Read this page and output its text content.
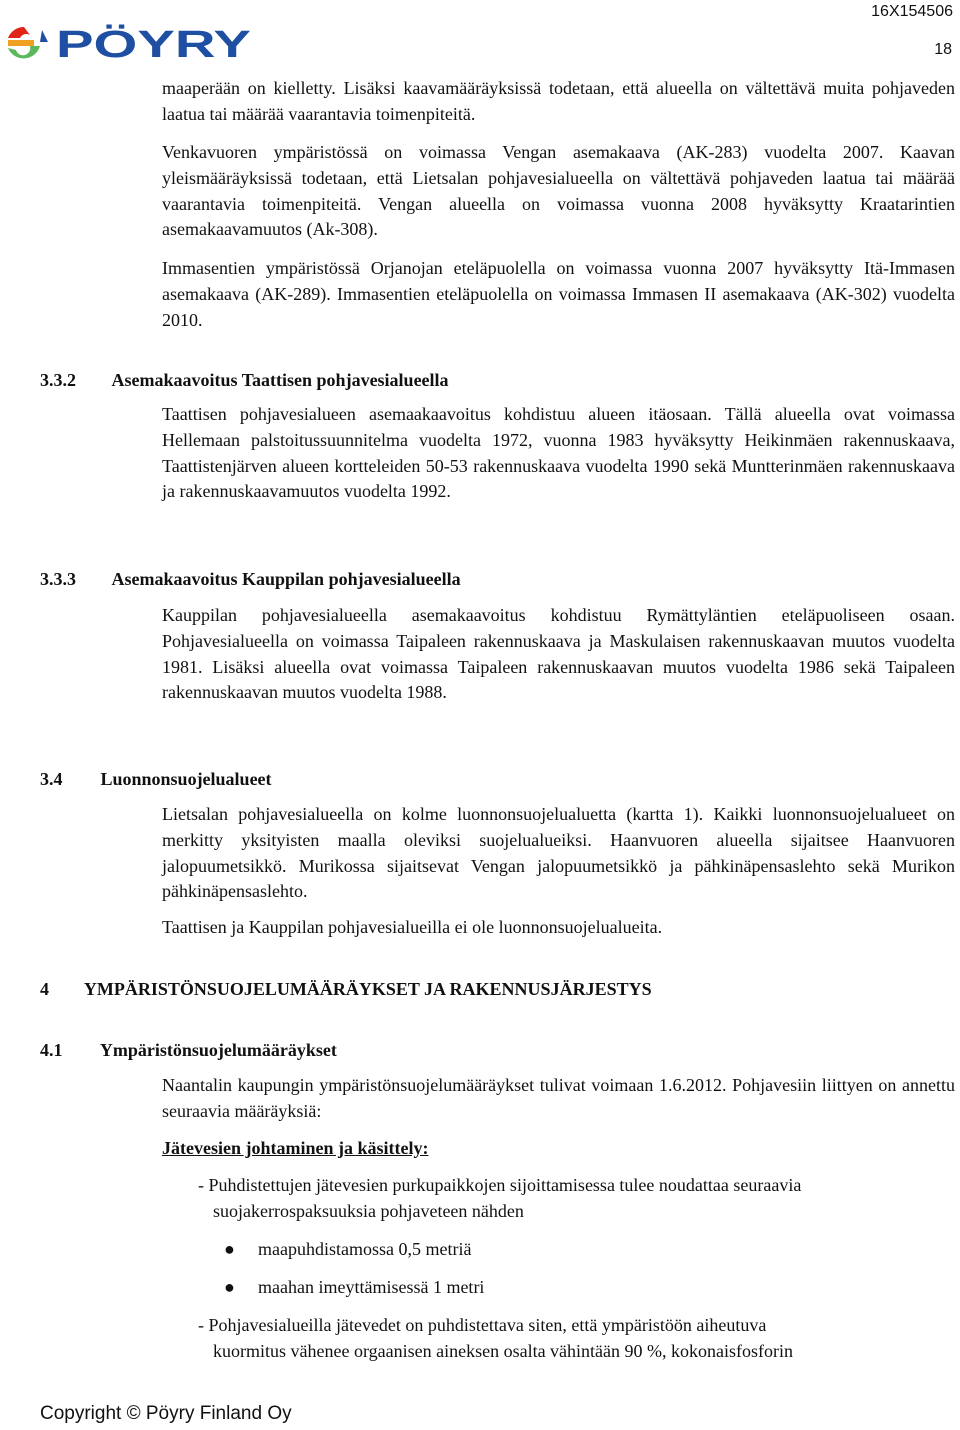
PÖYRY
16X154506
18

maaperään on kielletty. Lisäksi kaavamääräyksissä todetaan, että alueella on vältettävä muita pohjaveden laatua tai määrää vaarantavia toimenpiteitä.

Venkavuoren ympäristössä on voimassa Vengan asemakaava (AK-283) vuodelta 2007. Kaavan yleismääräyksissä todetaan, että Lietsalan pohjavesialueella on vältettävä pohjaveden laatua tai määrää vaarantavia toimenpiteitä. Vengan alueella on voimassa vuonna 2008 hyväksytty Kraatarintien asemakaavamuutos (Ak-308).

Immasentien ympäristössä Orjanojan eteläpuolella on voimassa vuonna 2007 hyväksytty Itä-Immasen asemakaava (AK-289). Immasentien eteläpuolella on voimassa Immasen II asemakaava (AK-302) vuodelta 2010.

3.3.2 Asemakaavoitus Taattisen pohjavesialueella

Taattisen pohjavesialueen asemaakaavoitus kohdistuu alueen itäosaan. Tällä alueella ovat voimassa Hellemaan palstoitussuunnitelma vuodelta 1972, vuonna 1983 hyväksytty Heikinmäen rakennuskaava, Taattistenjärven alueen kortteleiden 50-53 rakennuskaava vuodelta 1990 sekä Muntterinmäen rakennuskaava ja rakennuskaavamuutos vuodelta 1992.

3.3.3 Asemakaavoitus Kauppilan pohjavesialueella

Kauppilan pohjavesialueella asemakaavoitus kohdistuu Rymättyläntien eteläpuoliseen osaan. Pohjavesialueella on voimassa Taipaleen rakennuskaava ja Maskulaisen rakennuskaavan muutos vuodelta 1981. Lisäksi alueella ovat voimassa Taipaleen rakennuskaavan muutos vuodelta 1986 sekä Taipaleen rakennuskaavan muutos vuodelta 1988.

3.4 Luonnonsuojelualueet

Lietsalan pohjavesialueella on kolme luonnonsuojelualuetta (kartta 1). Kaikki luonnonsuojelualueet on merkitty yksityisten maalla oleviksi suojelualueiksi. Haanvuoren alueella sijaitsee Haanvuoren jalopuumetsikkö. Murikossa sijaitsevat Vengan jalopuumetsikkö ja pähkinäpensaslehto sekä Murikon pähkinäpensaslehto.

Taattisen ja Kauppilan pohjavesialueilla ei ole luonnonsuojelualueita.

4 YMPÄRISTÖNSUOJELUMÄÄRÄYKSET JA RAKENNUSJÄRJESTYS
4.1 Ympäristönsuojelumääräykset

Naantalin kaupungin ympäristönsuojelumääräykset tulivat voimaan 1.6.2012. Pohjavesiin liittyen on annettu seuraavia määräyksiä:

Jätevesien johtaminen ja käsittely:
- Puhdistettujen jätevesien purkupaikkojen sijoittamisessa tulee noudattaa seuraavia
suojakerrospaksuuksia pohjaveteen nähden
● maapuhdistamossa 0,5 metriä
● maahan imeyttämisessä 1 metri
- Pohjavesialueilla jätevedet on puhdistettava siten, että ympäristöön aiheutuva
kuormitus vähenee orgaanisen aineksen osalta vähintään 90 %, kokonaisfosforin
Copyright © Pöyry Finland Oy
